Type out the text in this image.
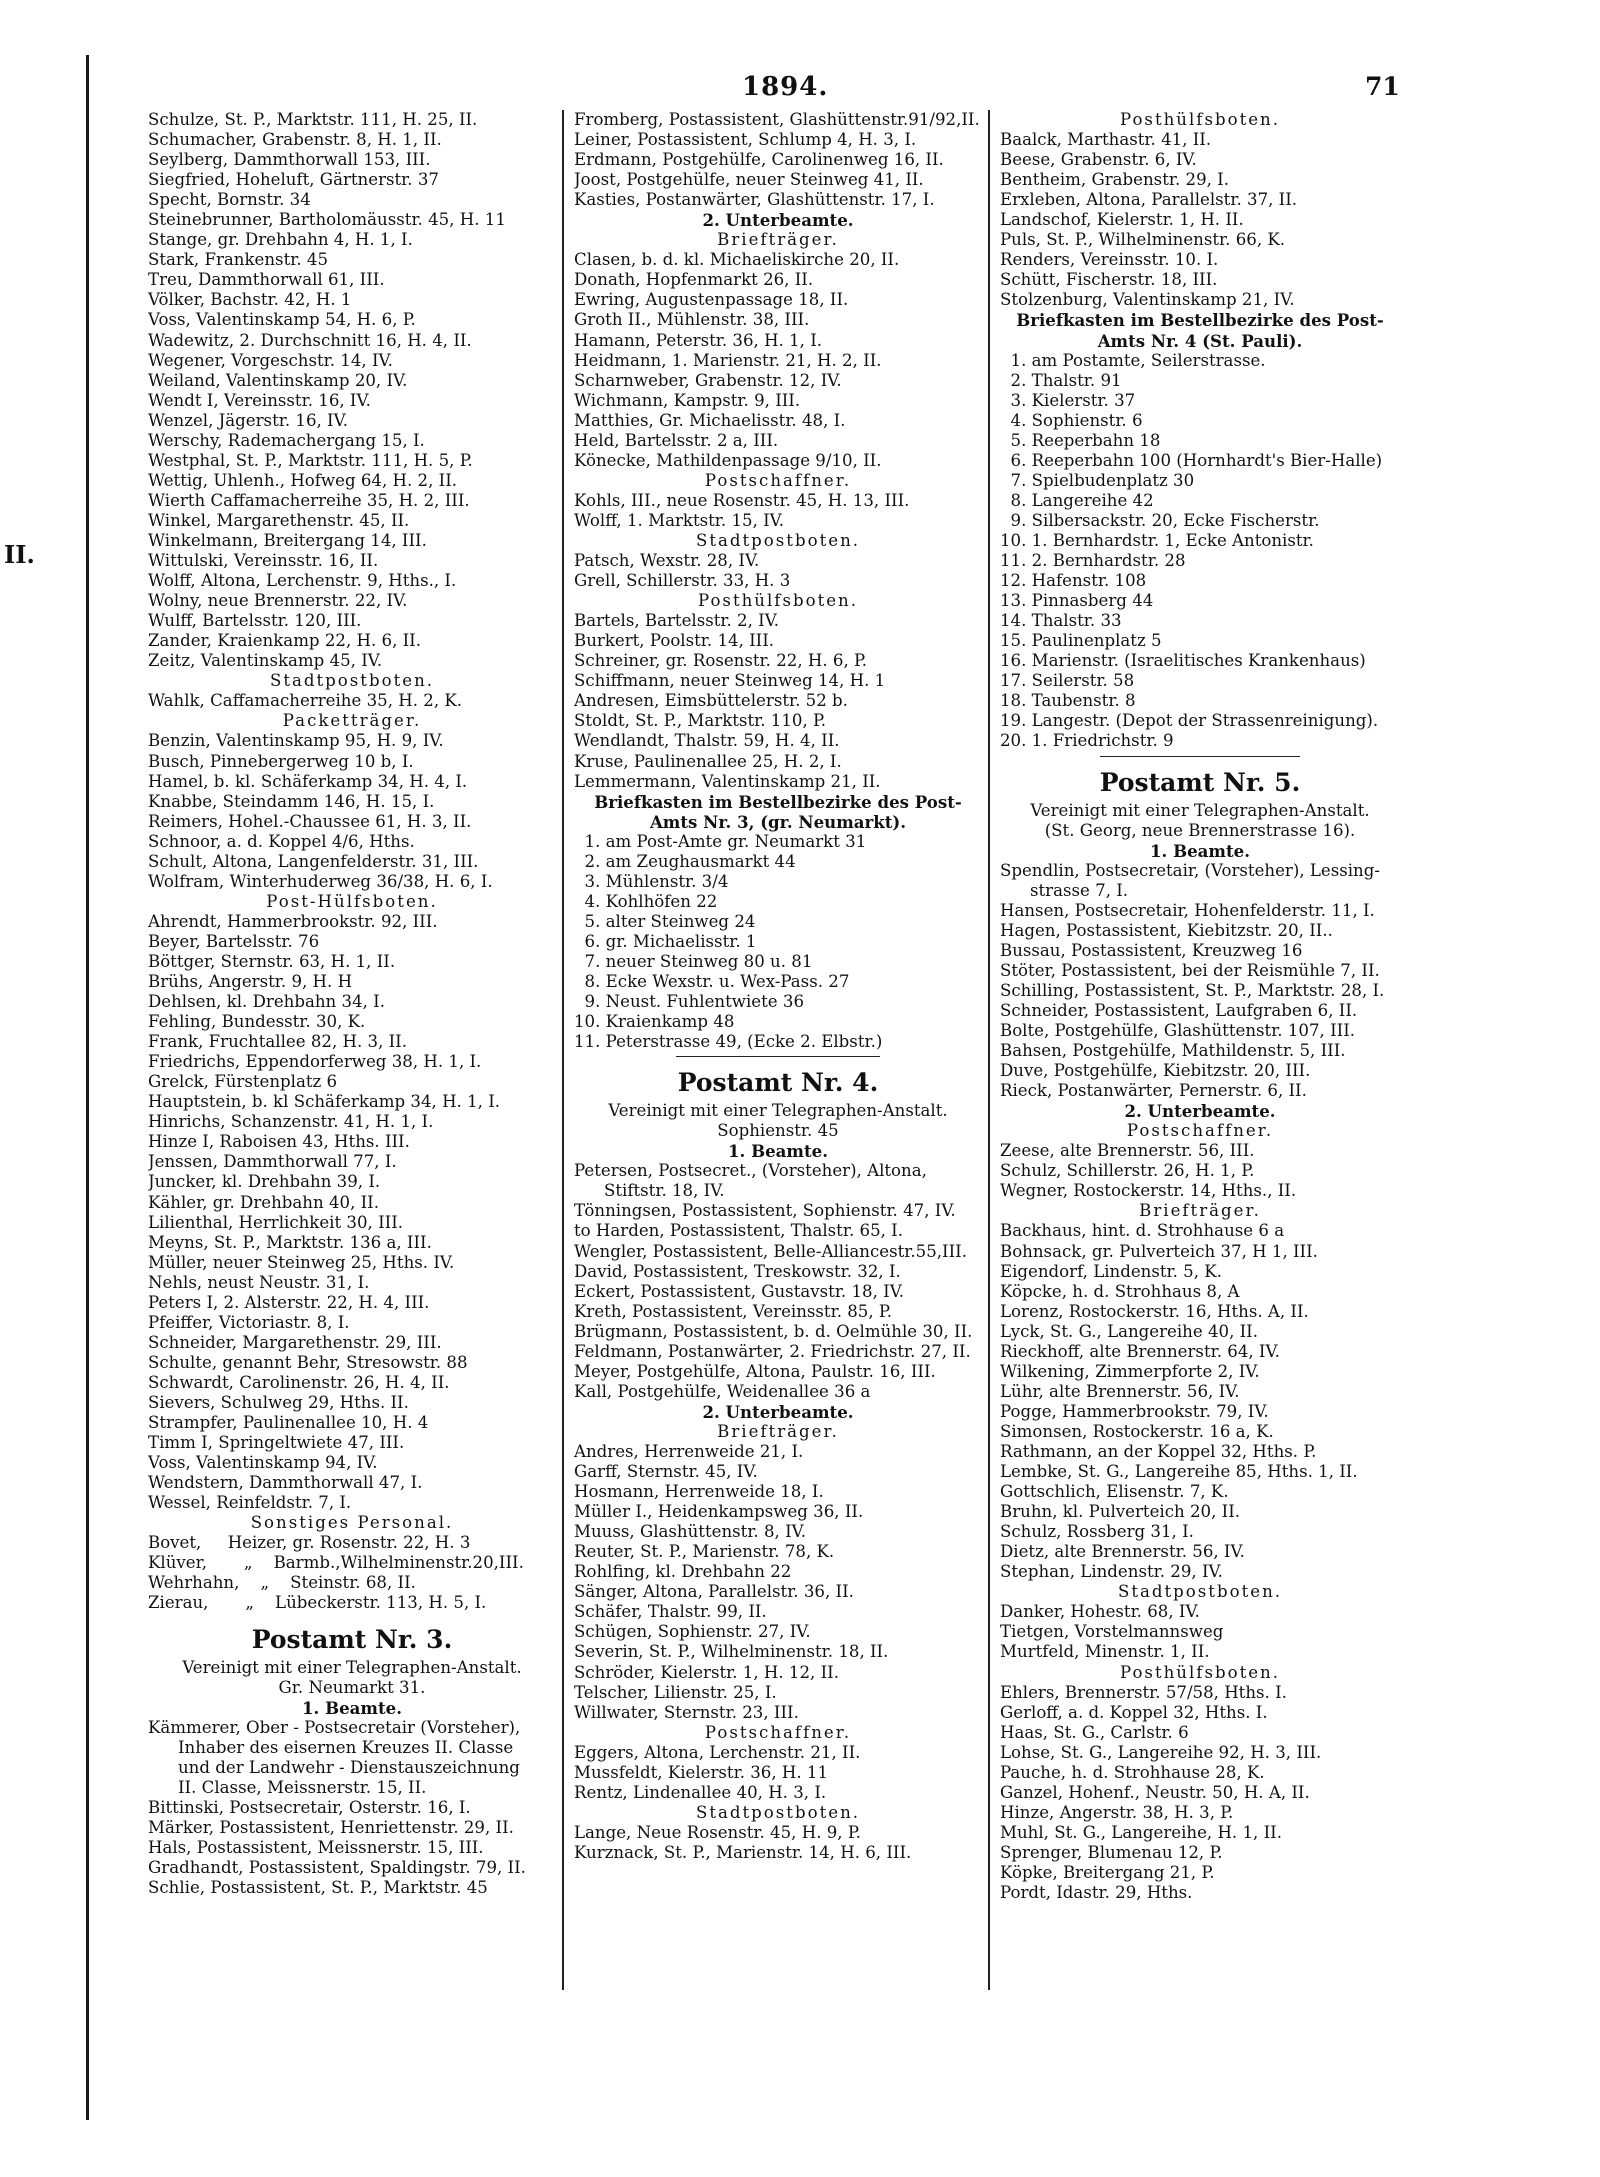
II.
1894.	71
Schulze, St. P., Marktstr. 111, H. 25, II.
Schumacher, Grabenstr. 8, H. 1, II.
Seylberg, Dammthorwall 153, III.
Siegfried, Hoheluft, Gärtnerstr. 37
Specht, Bornstr. 34
Steinebrunner, Bartholomäusstr. 45, H. 11
Stange, gr. Drehbahn 4, H. 1, I.
Stark, Frankenstr. 45
Treu, Dammthorwall 61, III.
Völker, Bachstr. 42, H. 1
Voss, Valentinskamp 54, H. 6, P.
Wadewitz, 2. Durchschnitt 16, H. 4, II.
Wegener, Vorgeschstr. 14, IV.
Weiland, Valentinskamp 20, IV.
Wendt I, Vereinsstr. 16, IV.
Wenzel, Jägerstr. 16, IV.
Werschy, Rademachergang 15, I.
Westphal, St. P., Marktstr. 111, H. 5, P.
Wettig, Uhlenh., Hofweg 64, H. 2, II.
Wierth Caffamacherreihe 35, H. 2, III.
Winkel, Margarethenstr. 45, II.
Winkelmann, Breitergang 14, III.
Wittulski, Vereinsstr. 16, II.
Wolff, Altona, Lerchenstr. 9, Hths., I.
Wolny, neue Brennerstr. 22, IV.
Wulff, Bartelsstr. 120, III.
Zander, Kraienkamp 22, H. 6, II.
Zeitz, Valentinskamp 45, IV.
Stadtpostboten.
Wahlk, Caffamacherreihe 35, H. 2, K.
Packetträger.
Benzin, Valentinskamp 95, H. 9, IV.
Busch, Pinnebergerweg 10 b, I.
Hamel, b. kl. Schäferkamp 34, H. 4, I.
Knabbe, Steindamm 146, H. 15, I.
Reimers, Hohel.-Chaussee 61, H. 3, II.
Schnoor, a. d. Koppel 4/6, Hths.
Schult, Altona, Langenfelderstr. 31, III.
Wolfram, Winterhuderweg 36/38, H. 6, I.
Post-Hülfsboten.
Ahrendt, Hammerbrookstr. 92, III.
Beyer, Bartelsstr. 76
Böttger, Sternstr. 63, H. 1, II.
Brühs, Angerstr. 9, H. H
Dehlsen, kl. Drehbahn 34, I.
Fehling, Bundesstr. 30, K.
Frank, Fruchtallee 82, H. 3, II.
Friedrichs, Eppendorferweg 38, H. 1, I.
Grelck, Fürstenplatz 6
Hauptstein, b. kl Schäferkamp 34, H. 1, I.
Hinrichs, Schanzenstr. 41, H. 1, I.
Hinze I, Raboisen 43, Hths. III.
Jenssen, Dammthorwall 77, I.
Juncker, kl. Drehbahn 39, I.
Kähler, gr. Drehbahn 40, II.
Lilienthal, Herrlichkeit 30, III.
Meyns, St. P., Marktstr. 136 a, III.
Müller, neuer Steinweg 25, Hths. IV.
Nehls, neust Neustr. 31, I.
Peters I, 2. Alsterstr. 22, H. 4, III.
Pfeiffer, Victoriastr. 8, I.
Schneider, Margarethenstr. 29, III.
Schulte, genannt Behr, Stresowstr. 88
Schwardt, Carolinenstr. 26, H. 4, II.
Sievers, Schulweg 29, Hths. II.
Strampfer, Paulinenallee 10, H. 4
Timm I, Springeltwiete 47, III.
Voss, Valentinskamp 94, IV.
Wendstern, Dammthorwall 47, I.
Wessel, Reinfeldstr. 7, I.
Sonstiges Personal.
Bovet,     Heizer, gr. Rosenstr. 22, H. 3
Klüver,       „    Barmb.,Wilhelminenstr.20,III.
Wehrhahn,    „    Steinstr. 68, II.
Zierau,       „    Lübeckerstr. 113, H. 5, I.
Postamt Nr. 3.
Vereinigt mit einer Telegraphen-Anstalt.
Gr. Neumarkt 31.
1. Beamte.
Kämmerer, Ober - Postsecretair (Vorsteher),
Inhaber des eisernen Kreuzes II. Classe
und der Landwehr - Dienstauszeichnung
II. Classe, Meissnerstr. 15, II.
Bittinski, Postsecretair, Osterstr. 16, I.
Märker, Postassistent, Henriettenstr. 29, II.
Hals, Postassistent, Meissnerstr. 15, III.
Gradhandt, Postassistent, Spaldingstr. 79, II.
Schlie, Postassistent, St. P., Marktstr. 45
Fromberg, Postassistent, Glashüttenstr.91/92,II.
Leiner, Postassistent, Schlump 4, H. 3, I.
Erdmann, Postgehülfe, Carolinenweg 16, II.
Joost, Postgehülfe, neuer Steinweg 41, II.
Kasties, Postanwärter, Glashüttenstr. 17, I.
2. Unterbeamte.
Briefträger.
Clasen, b. d. kl. Michaeliskirche 20, II.
Donath, Hopfenmarkt 26, II.
Ewring, Augustenpassage 18, II.
Groth II., Mühlenstr. 38, III.
Hamann, Peterstr. 36, H. 1, I.
Heidmann, 1. Marienstr. 21, H. 2, II.
Scharnweber, Grabenstr. 12, IV.
Wichmann, Kampstr. 9, III.
Matthies, Gr. Michaelisstr. 48, I.
Held, Bartelsstr. 2 a, III.
Könecke, Mathildenpassage 9/10, II.
Postschaffner.
Kohls, III., neue Rosenstr. 45, H. 13, III.
Wolff, 1. Marktstr. 15, IV.
Stadtpostboten.
Patsch, Wexstr. 28, IV.
Grell, Schillerstr. 33, H. 3
Posthülfsboten.
Bartels, Bartelsstr. 2, IV.
Burkert, Poolstr. 14, III.
Schreiner, gr. Rosenstr. 22, H. 6, P.
Schiffmann, neuer Steinweg 14, H. 1
Andresen, Eimsbüttelerstr. 52 b.
Stoldt, St. P., Marktstr. 110, P.
Wendlandt, Thalstr. 59, H. 4, II.
Kruse, Paulinenallee 25, H. 2, I.
Lemmermann, Valentinskamp 21, II.
Briefkasten im Bestellbezirke des Post-
Amts Nr. 3, (gr. Neumarkt).
1. am Post-Amte gr. Neumarkt 31
2. am Zeughausmarkt 44
3. Mühlenstr. 3/4
4. Kohlhöfen 22
5. alter Steinweg 24
6. gr. Michaelisstr. 1
7. neuer Steinweg 80 u. 81
8. Ecke Wexstr. u. Wex-Pass. 27
9. Neust. Fuhlentwiete 36
10. Kraienkamp 48
11. Peterstrasse 49, (Ecke 2. Elbstr.)
Postamt Nr. 4.
Vereinigt mit einer Telegraphen-Anstalt.
Sophienstr. 45
1. Beamte.
Petersen, Postsecret., (Vorsteher), Altona,
Stiftstr. 18, IV.
Tönningsen, Postassistent, Sophienstr. 47, IV.
to Harden, Postassistent, Thalstr. 65, I.
Wengler, Postassistent, Belle-Alliancestr.55,III.
David, Postassistent, Treskowstr. 32, I.
Eckert, Postassistent, Gustavstr. 18, IV.
Kreth, Postassistent, Vereinsstr. 85, P.
Brügmann, Postassistent, b. d. Oelmühle 30, II.
Feldmann, Postanwärter, 2. Friedrichstr. 27, II.
Meyer, Postgehülfe, Altona, Paulstr. 16, III.
Kall, Postgehülfe, Weidenallee 36 a
2. Unterbeamte.
Briefträger.
Andres, Herrenweide 21, I.
Garff, Sternstr. 45, IV.
Hosmann, Herrenweide 18, I.
Müller I., Heidenkampsweg 36, II.
Muuss, Glashüttenstr. 8, IV.
Reuter, St. P., Marienstr. 78, K.
Rohlfing, kl. Drehbahn 22
Sänger, Altona, Parallelstr. 36, II.
Schäfer, Thalstr. 99, II.
Schügen, Sophienstr. 27, IV.
Severin, St. P., Wilhelminenstr. 18, II.
Schröder, Kielerstr. 1, H. 12, II.
Telscher, Lilienstr. 25, I.
Willwater, Sternstr. 23, III.
Postschaffner.
Eggers, Altona, Lerchenstr. 21, II.
Mussfeldt, Kielerstr. 36, H. 11
Rentz, Lindenallee 40, H. 3, I.
Stadtpostboten.
Lange, Neue Rosenstr. 45, H. 9, P.
Kurznack, St. P., Marienstr. 14, H. 6, III.
Posthülfsboten.
Baalck, Marthastr. 41, II.
Beese, Grabenstr. 6, IV.
Bentheim, Grabenstr. 29, I.
Erxleben, Altona, Parallelstr. 37, II.
Landschof, Kielerstr. 1, H. II.
Puls, St. P., Wilhelminenstr. 66, K.
Renders, Vereinsstr. 10. I.
Schütt, Fischerstr. 18, III.
Stolzenburg, Valentinskamp 21, IV.
Briefkasten im Bestellbezirke des Post-
Amts Nr. 4 (St. Pauli).
1. am Postamte, Seilerstrasse.
2. Thalstr. 91
3. Kielerstr. 37
4. Sophienstr. 6
5. Reeperbahn 18
6. Reeperbahn 100 (Hornhardt's Bier-Halle)
7. Spielbudenplatz 30
8. Langereihe 42
9. Silbersackstr. 20, Ecke Fischerstr.
10. 1. Bernhardstr. 1, Ecke Antonistr.
11. 2. Bernhardstr. 28
12. Hafenstr. 108
13. Pinnasberg 44
14. Thalstr. 33
15. Paulinenplatz 5
16. Marienstr. (Israelitisches Krankenhaus)
17. Seilerstr. 58
18. Taubenstr. 8
19. Langestr. (Depot der Strassenreinigung).
20. 1. Friedrichstr. 9
Postamt Nr. 5.
Vereinigt mit einer Telegraphen-Anstalt.
(St. Georg, neue Brennerstrasse 16).
1. Beamte.
Spendlin, Postsecretair, (Vorsteher), Lessing-
strasse 7, I.
Hansen, Postsecretair, Hohenfelderstr. 11, I.
Hagen, Postassistent, Kiebitzstr. 20, II..
Bussau, Postassistent, Kreuzweg 16
Stöter, Postassistent, bei der Reismühle 7, II.
Schilling, Postassistent, St. P., Marktstr. 28, I.
Schneider, Postassistent, Laufgraben 6, II.
Bolte, Postgehülfe, Glashüttenstr. 107, III.
Bahsen, Postgehülfe, Mathildenstr. 5, III.
Duve, Postgehülfe, Kiebitzstr. 20, III.
Rieck, Postanwärter, Pernerstr. 6, II.
2. Unterbeamte.
Postschaffner.
Zeese, alte Brennerstr. 56, III.
Schulz, Schillerstr. 26, H. 1, P.
Wegner, Rostockerstr. 14, Hths., II.
Briefträger.
Backhaus, hint. d. Strohhause 6 a
Bohnsack, gr. Pulverteich 37, H 1, III.
Eigendorf, Lindenstr. 5, K.
Köpcke, h. d. Strohhaus 8, A
Lorenz, Rostockerstr. 16, Hths. A, II.
Lyck, St. G., Langereihe 40, II.
Rieckhoff, alte Brennerstr. 64, IV.
Wilkening, Zimmerpforte 2, IV.
Lühr, alte Brennerstr. 56, IV.
Pogge, Hammerbrookstr. 79, IV.
Simonsen, Rostockerstr. 16 a, K.
Rathmann, an der Koppel 32, Hths. P.
Lembke, St. G., Langereihe 85, Hths. 1, II.
Gottschlich, Elisenstr. 7, K.
Bruhn, kl. Pulverteich 20, II.
Schulz, Rossberg 31, I.
Dietz, alte Brennerstr. 56, IV.
Stephan, Lindenstr. 29, IV.
Stadtpostboten.
Danker, Hohestr. 68, IV.
Tietgen, Vorstelmannsweg
Murtfeld, Minenstr. 1, II.
Posthülfsboten.
Ehlers, Brennerstr. 57/58, Hths. I.
Gerloff, a. d. Koppel 32, Hths. I.
Haas, St. G., Carlstr. 6
Lohse, St. G., Langereihe 92, H. 3, III.
Pauche, h. d. Strohhause 28, K.
Ganzel, Hohenf., Neustr. 50, H. A, II.
Hinze, Angerstr. 38, H. 3, P.
Muhl, St. G., Langereihe, H. 1, II.
Sprenger, Blumenau 12, P.
Köpke, Breitergang 21, P.
Pordt, Idastr. 29, Hths.
